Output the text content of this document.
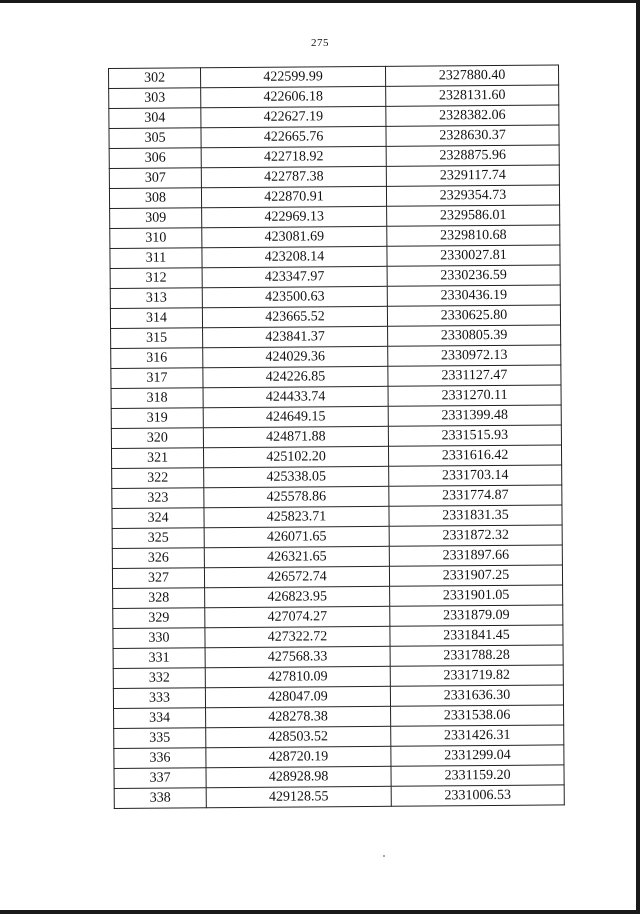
275
302	422599.99	2327880.40
303	422606.18	2328131.60
304	422627.19	2328382.06
305	422665.76	2328630.37
306	422718.92	2328875.96
307	422787.38	2329117.74
308	422870.91	2329354.73
309	422969.13	2329586.01
310	423081.69	2329810.68
311	423208.14	2330027.81
312	423347.97	2330236.59
313	423500.63	2330436.19
314	423665.52	2330625.80
315	423841.37	2330805.39
316	424029.36	2330972.13
317	424226.85	2331127.47
318	424433.74	2331270.11
319	424649.15	2331399.48
320	424871.88	2331515.93
321	425102.20	2331616.42
322	425338.05	2331703.14
323	425578.86	2331774.87
324	425823.71	2331831.35
325	426071.65	2331872.32
326	426321.65	2331897.66
327	426572.74	2331907.25
328	426823.95	2331901.05
329	427074.27	2331879.09
330	427322.72	2331841.45
331	427568.33	2331788.28
332	427810.09	2331719.82
333	428047.09	2331636.30
334	428278.38	2331538.06
335	428503.52	2331426.31
336	428720.19	2331299.04
337	428928.98	2331159.20
338	429128.55	2331006.53
